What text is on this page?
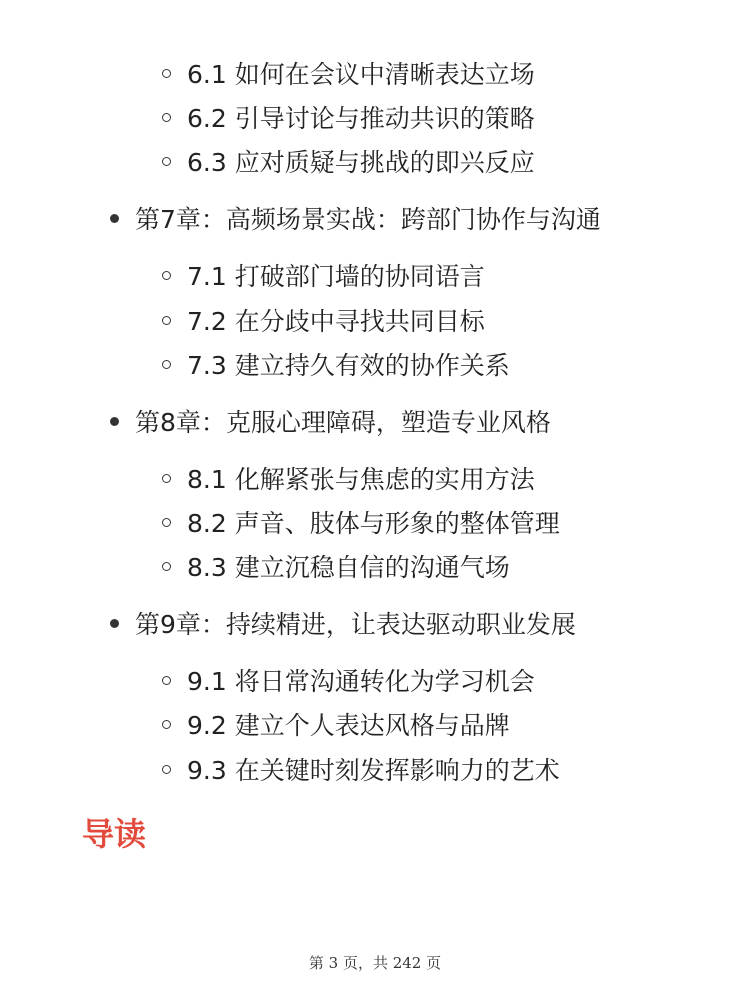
6.1 如何在会议中清晰表达立场
6.2 引导讨论与推动共识的策略
6.3 应对质疑与挑战的即兴反应
第7章：高频场景实战：跨部门协作与沟通
7.1 打破部门墙的协同语言
7.2 在分歧中寻找共同目标
7.3 建立持久有效的协作关系
第8章：克服心理障碍，塑造专业风格
8.1 化解紧张与焦虑的实用方法
8.2 声音、肢体与形象的整体管理
8.3 建立沉稳自信的沟通气场
第9章：持续精进，让表达驱动职业发展
9.1 将日常沟通转化为学习机会
9.2 建立个人表达风格与品牌
9.3 在关键时刻发挥影响力的艺术
导读
第 3 页，共 242 页
